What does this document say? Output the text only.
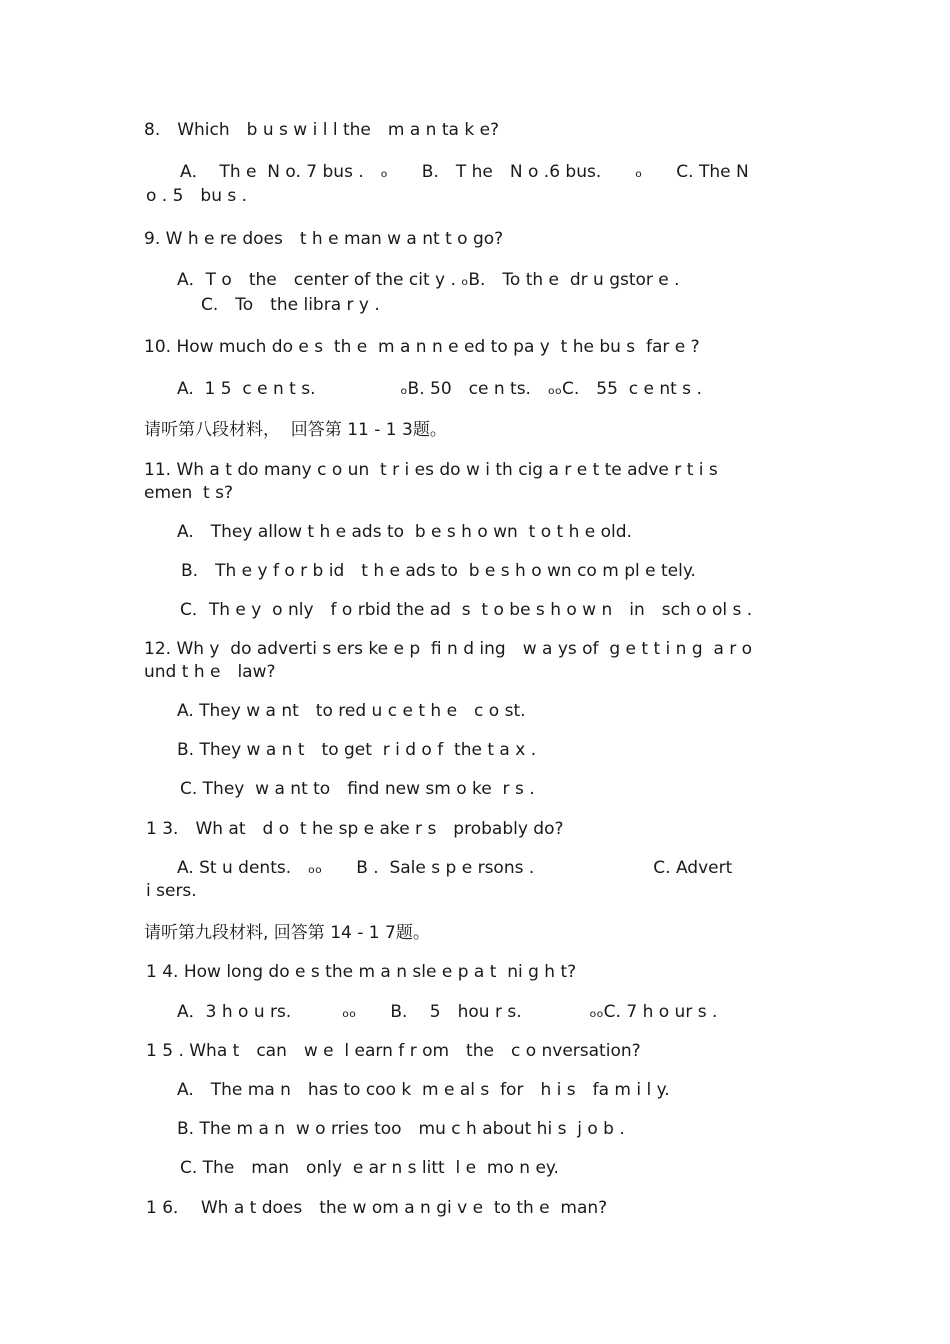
8.　Which　b u s w i l l the　m a n ta k e?
A．  Th e  N o. 7 bus .　ₒ　　B.　T he　N o .6 bus.　　ₒ　　C. The N
o . 5　bu s .
9. W h e re does　t h e man w a nt t o go?
A．T o　the　center of the cit y . ₒB.　To th e  dr u gstor e .
C.　To　the libra r y .
10. How much do e s  th e  m a n n e ed to pa y  t he bu s  far e ?
A.  1 5  c e n t s.　　　　　ₒB. 50　ce n ts.　ₒₒC.　55  c e nt s .
请听第八段材料，  回答第 11 - 1 3题。
11. Wh a t do many c o un  t r i es do w i th cig a r e t te adve r t i s
emen  t s?
A.　They allow t h e ads to  b e s h o wn  t o t h e old.
B.　Th e y f o r b id　t h e ads to  b e s h o wn co m pl e tely.
C．Th e y  o nly　f o rbid the ad  s  t o be s h o w n　in　sch o ol s .
12. Wh y  do adverti s ers ke e p  fi n d ing　w a ys of  g e t t i n g  a r o
und t h e　law?
A. They w a nt　to red u c e t h e　c o st.
B. They w a n t　to get  r i d o f  the t a x .
C. They  w a nt to　find new sm o ke  r s .
1 3.　Wh at　d o  t he sp e ake r s　probably do?
A. St u dents.　ₒₒ　　B .  Sale s p e rsons .　　　　　　　C. Advert
i sers.
请听第九段材料, 回答第 14 - 1 7题。
1 4. How long do e s the m a n sle e p a t  ni g h t?
A．3 h o u rs.　　　ₒₒ　　B.　 5　hou r s.　　　　ₒₒC. 7 h o ur s .
1 5 . Wha t　can　w e  l earn f r om　the　c o nversation?
A.　The ma n　has to coo k  m e al s  for　h i s　fa m i l y.
B. The m a n  w o rries too　mu c h about hi s  j o b .
C. The　man　only  e ar n s litt  l e  mo n ey.
1 6．  Wh a t does　the w om a n gi v e  to th e  man?
